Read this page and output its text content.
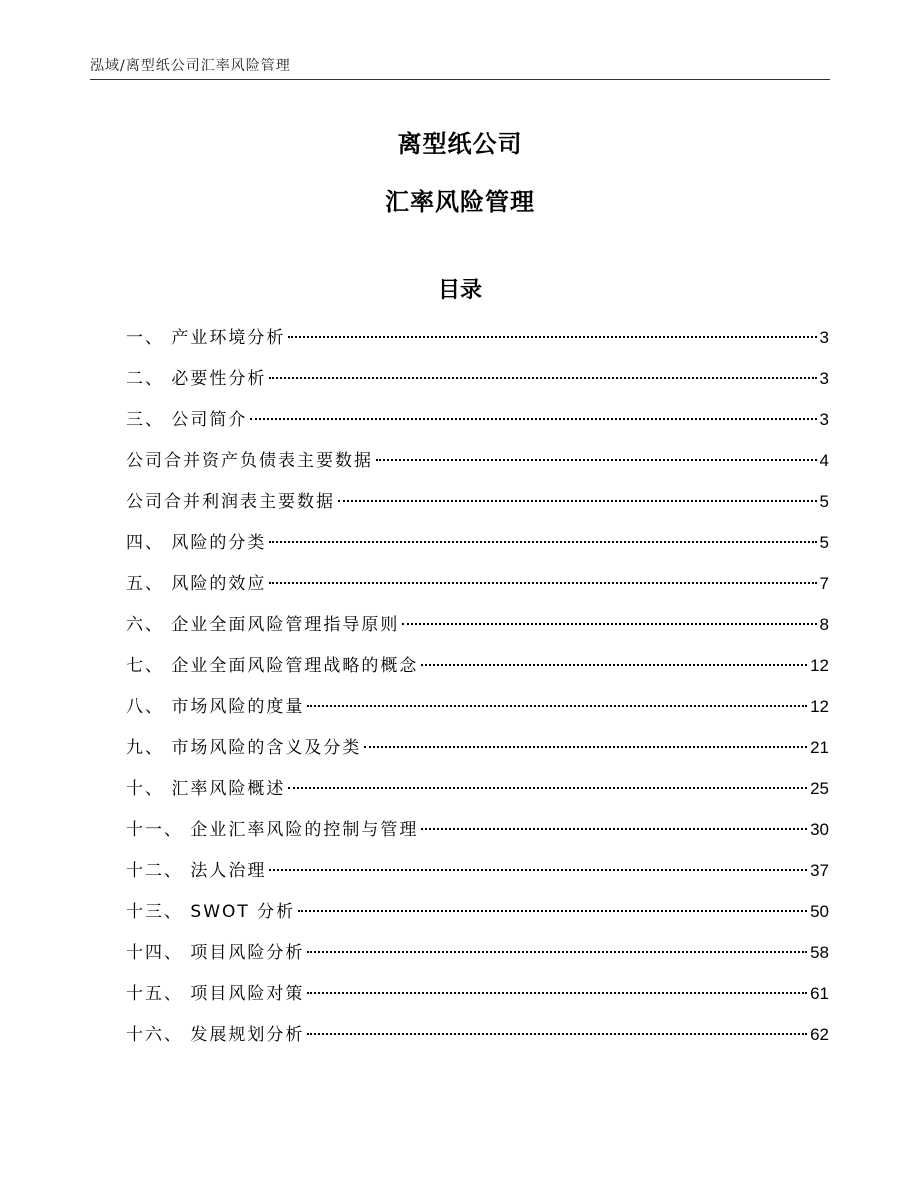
泓域/离型纸公司汇率风险管理
离型纸公司
汇率风险管理
目录
一、 产业环境分析	3
二、 必要性分析	3
三、 公司简介	3
公司合并资产负债表主要数据	4
公司合并利润表主要数据	5
四、 风险的分类	5
五、 风险的效应	7
六、 企业全面风险管理指导原则	8
七、 企业全面风险管理战略的概念	12
八、 市场风险的度量	12
九、 市场风险的含义及分类	21
十、 汇率风险概述	25
十一、 企业汇率风险的控制与管理	30
十二、 法人治理	37
十三、 SWOT 分析	50
十四、 项目风险分析	58
十五、 项目风险对策	61
十六、 发展规划分析	62
